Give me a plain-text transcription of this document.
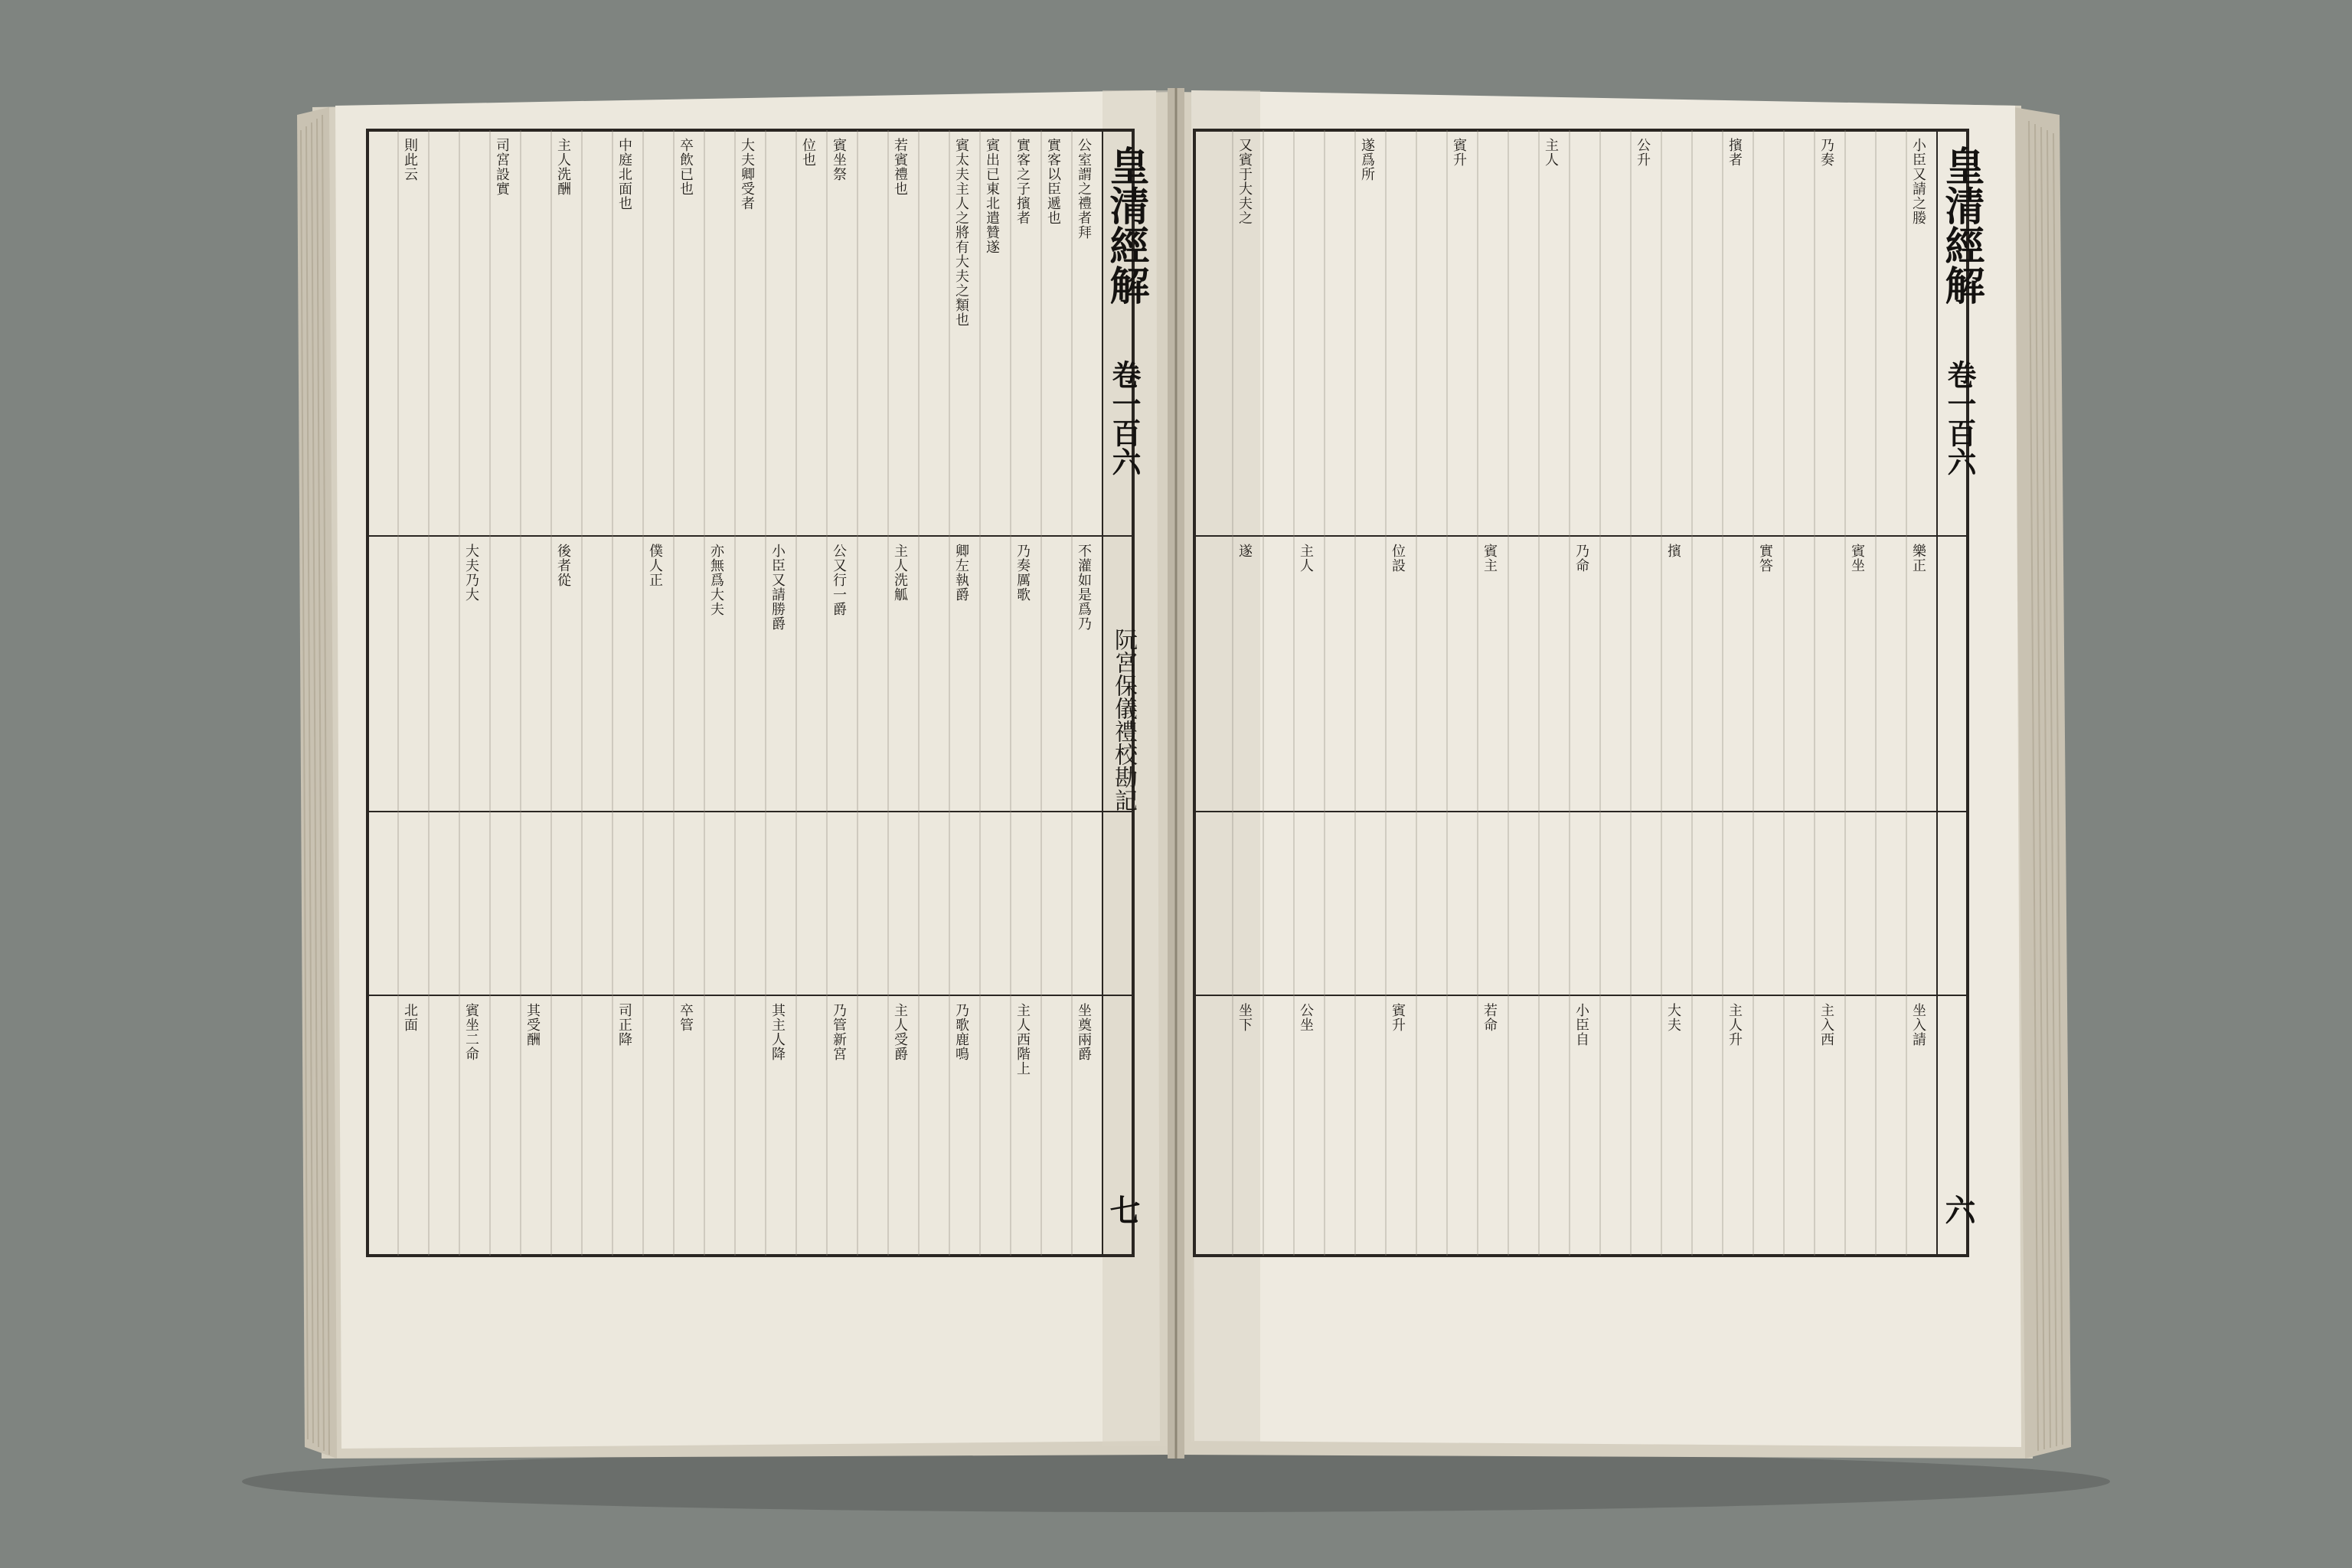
皇清經解
卷一百六
阮宮保儀禮校勘記
七
公室謂之禮者拜
實客以臣遞也
實客之子擯者
賓出已東北遣贊遂
賓太夫主人之將有大夫之類也
若賓禮也
賓坐祭
位也
大夫卿受者
卒飲已也
中庭北面也
主人洗酬
司宮設實
則此云
不灌如是爲乃
乃奏厲歌
卿左執爵
主人洗觚
公又行一爵
小臣又請勝爵
亦無爲大夫
僕人正
後者從
大夫乃大
坐奠兩爵
主人西階上
乃歌鹿鳴
主人受爵
乃管新宮
其主人降
卒管
司正降
其受酬
賓坐二命
北面
皇清經解
卷一百六
六
小臣又請之媵
乃奏
擯者
公升
主人
賓升
遂爲所
又賓于大夫之
樂正
賓坐
實答
擯
乃命
賓主
位設
主人
遂
坐入請
主入西
主人升
大夫
小臣自
若命
賓升
公坐
坐下
